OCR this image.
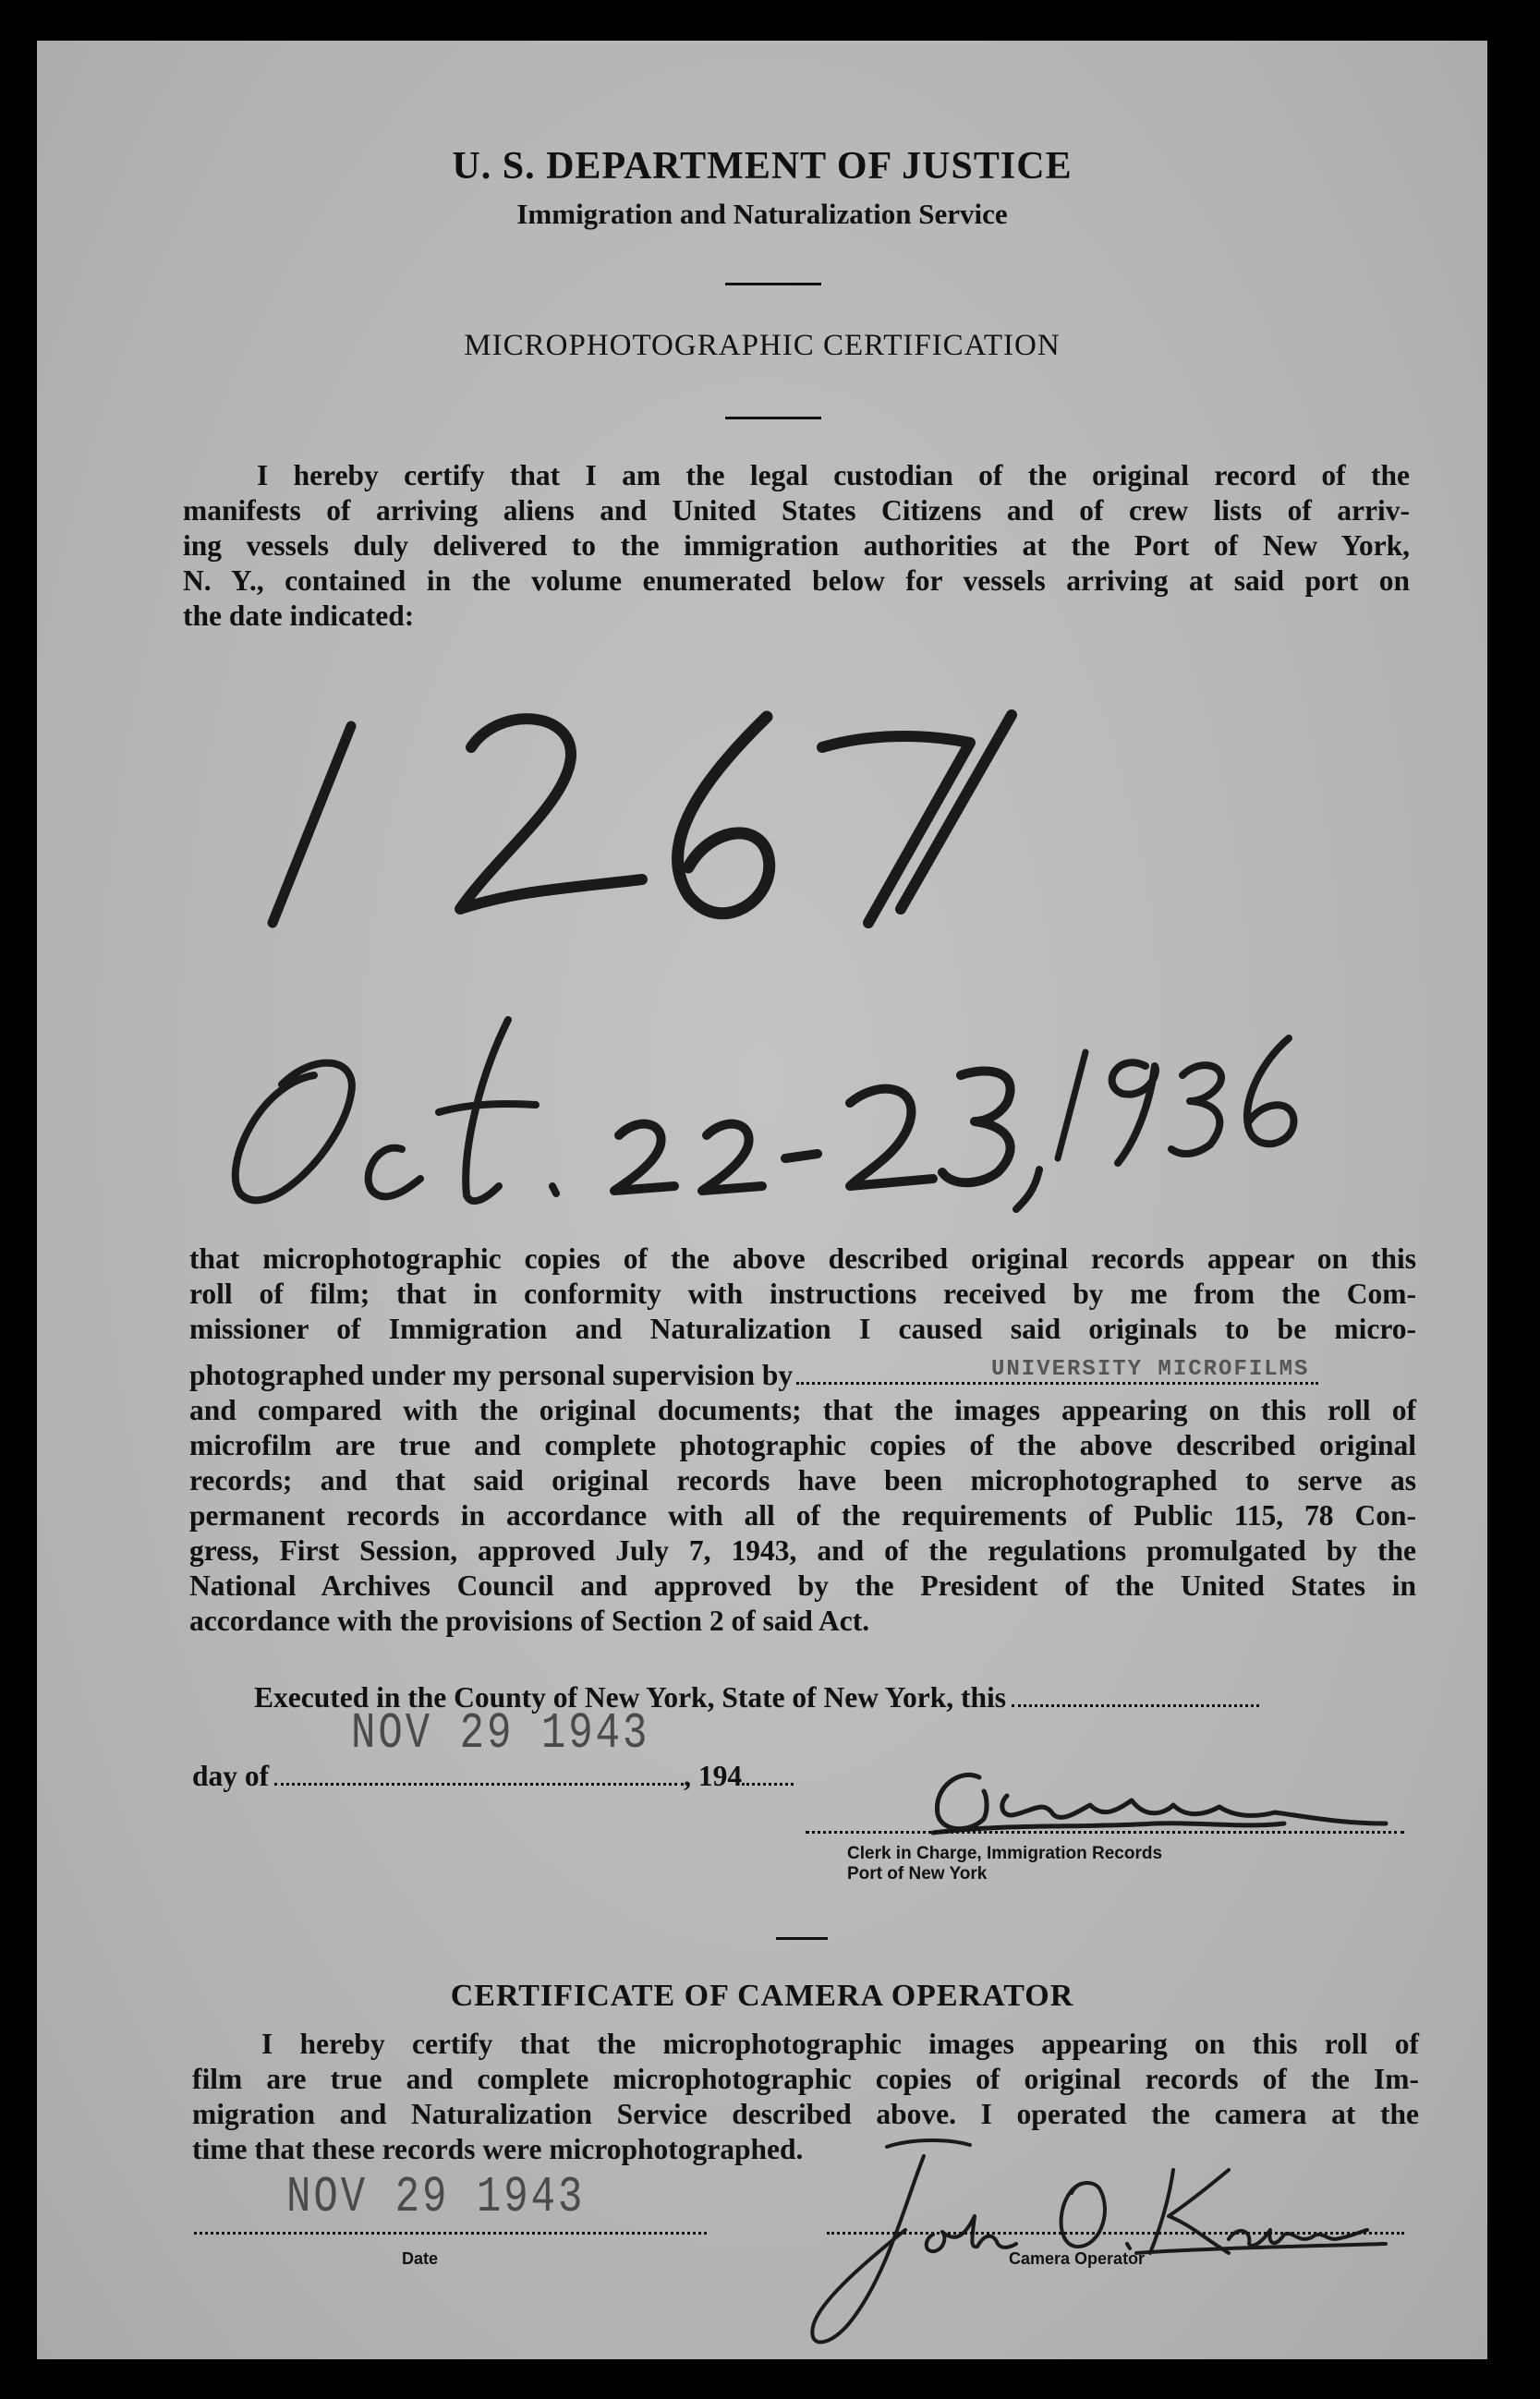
U. S. DEPARTMENT OF JUSTICE
Immigration and Naturalization Service
MICROPHOTOGRAPHIC CERTIFICATION
I hereby certify that I am the legal custodian of the original record of the
manifests of arriving aliens and United States Citizens and of crew lists of arriv-
ing vessels duly delivered to the immigration authorities at the Port of New York,
N. Y., contained in the volume enumerated below for vessels arriving at said port on
the date indicated:
that microphotographic copies of the above described original records appear on this
roll of film; that in conformity with instructions received by me from the Com-
missioner of Immigration and Naturalization I caused said originals to be micro-
photographed under my personal supervision by	UNIVERSITY MICROFILMS
and compared with the original documents; that the images appearing on this roll of
microfilm are true and complete photographic copies of the above described original
records; and that said original records have been microphotographed to serve as
permanent records in accordance with all of the requirements of Public 115, 78 Con-
gress, First Session, approved July 7, 1943, and of the regulations promulgated by the
National Archives Council and approved by the President of the United States in
accordance with the provisions of Section 2 of said Act.
Executed in the County of New York, State of New York, this
NOV 29 1943
day of	, 194
Clerk in Charge, Immigration Records
Port of New York
CERTIFICATE OF CAMERA OPERATOR
I hereby certify that the microphotographic images appearing on this roll of
film are true and complete microphotographic copies of original records of the Im-
migration and Naturalization Service described above. I operated the camera at the
time that these records were microphotographed.
NOV 29 1943
Date	Camera Operator
